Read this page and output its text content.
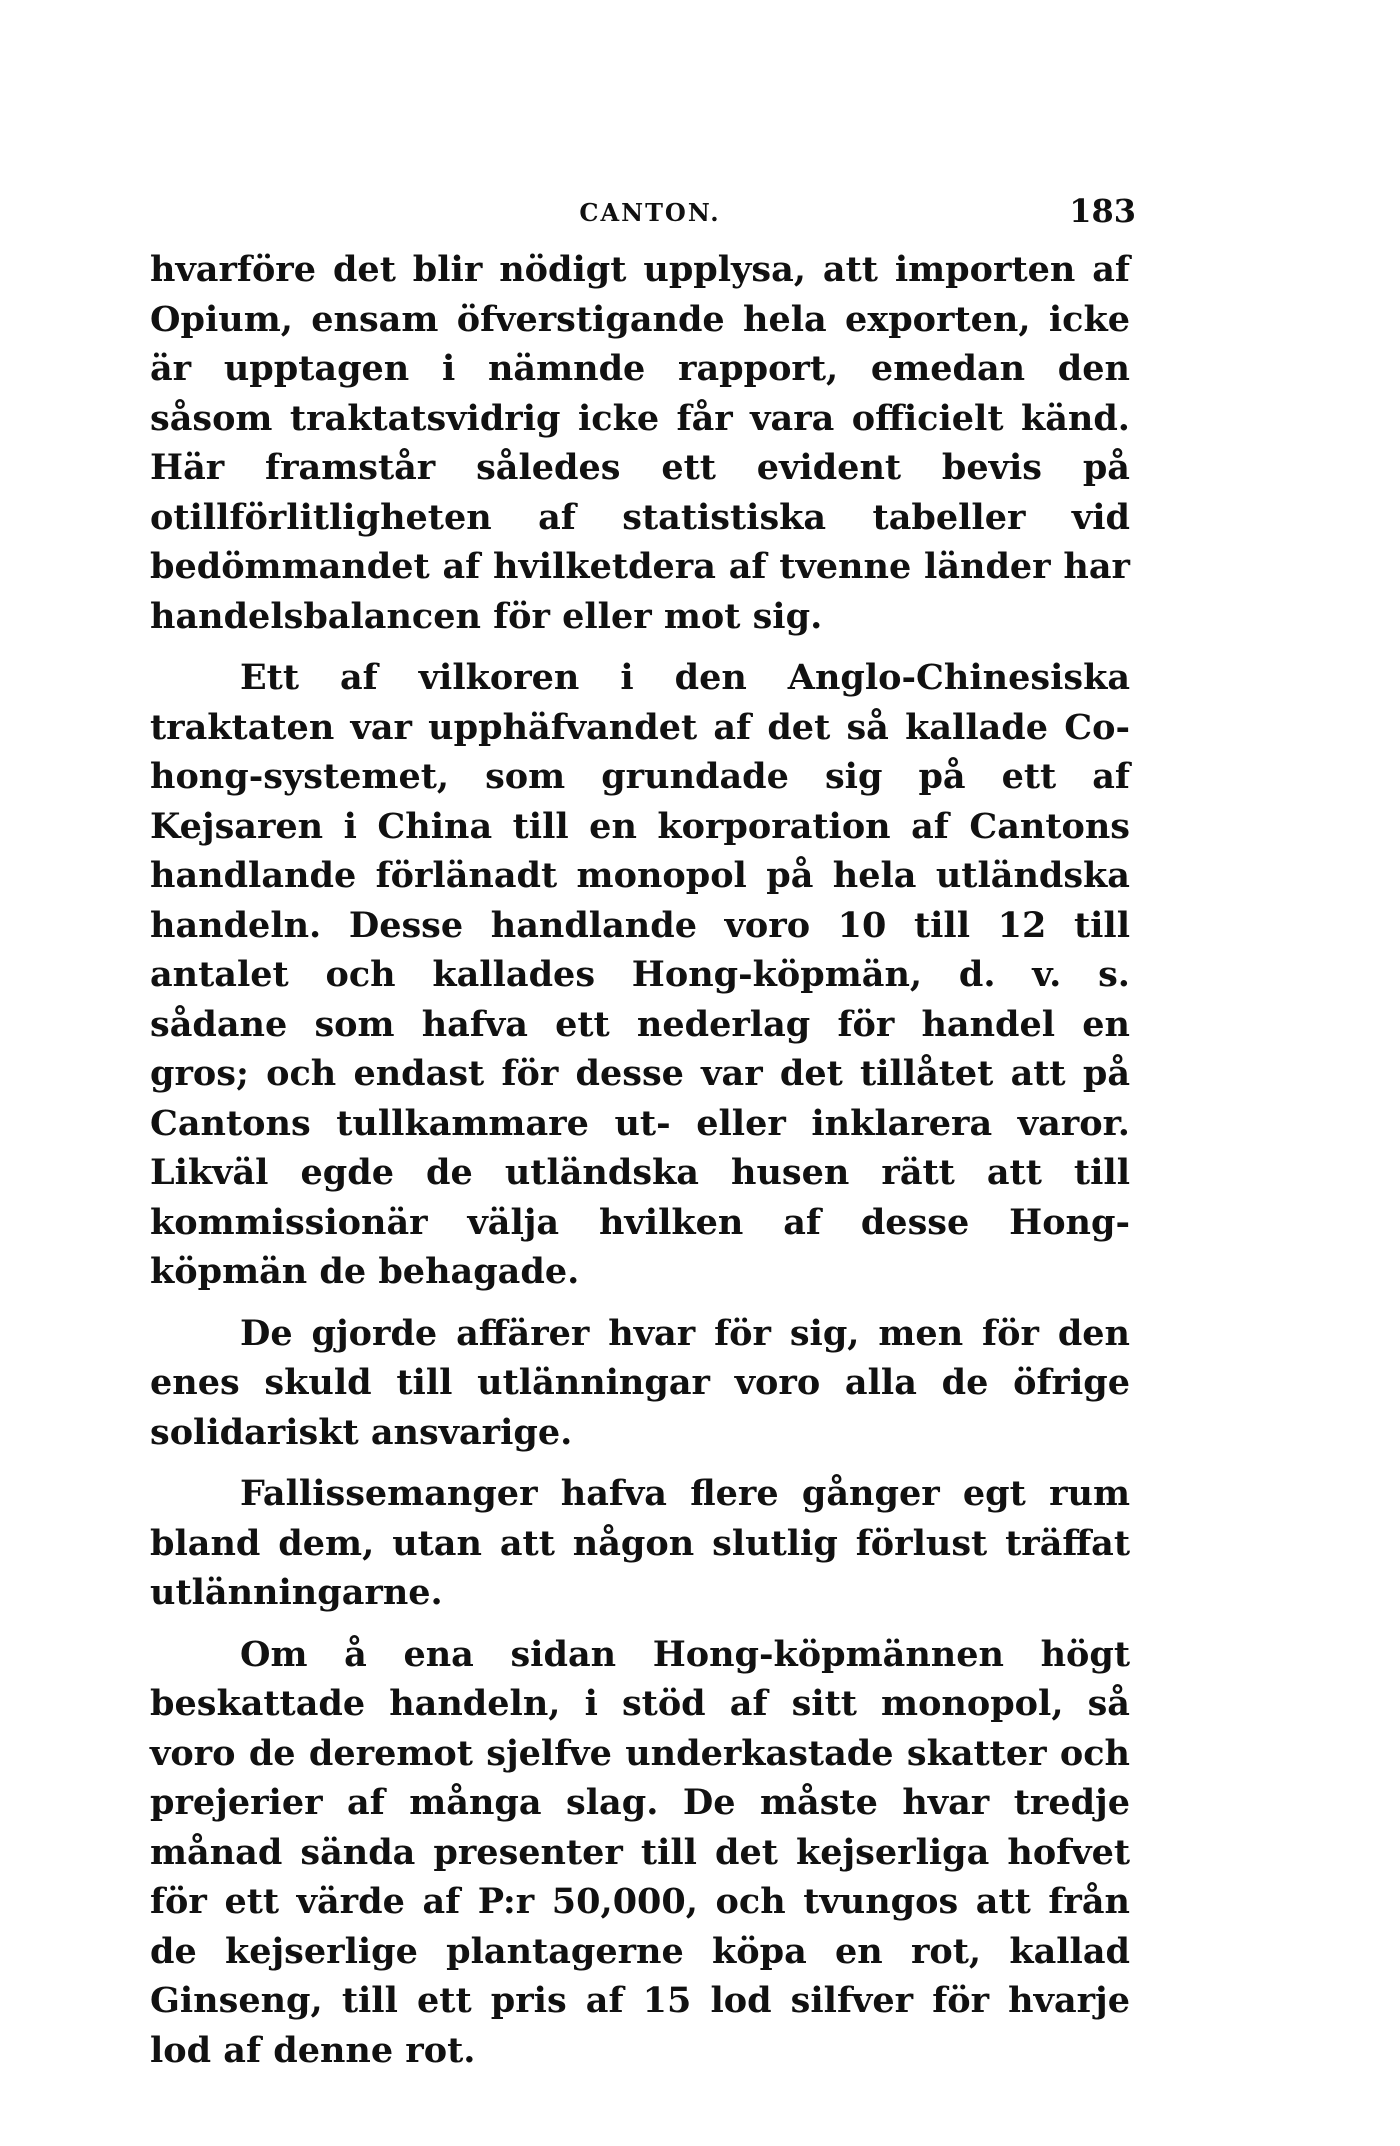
CANTON.	183

hvarföre det blir nödigt upplysa, att importen af Opium, ensam öfverstigande hela exporten, icke är upptagen i nämnde rapport, emedan den såsom traktatsvidrig icke får vara officielt känd. Här framstår således ett evident bevis på otillförlitligheten af statistiska tabeller vid bedömmandet af hvilketdera af tvenne länder har handelsbalancen för eller mot sig.

Ett af vilkoren i den Anglo-Chinesiska traktaten var upphäfvandet af det så kallade Co-hong-systemet, som grundade sig på ett af Kejsaren i China till en korporation af Cantons handlande förlänadt monopol på hela utländska handeln. Desse handlande voro 10 till 12 till antalet och kallades Hong-köpmän, d. v. s. sådane som hafva ett nederlag för handel en gros; och endast för desse var det tillåtet att på Cantons tullkammare ut- eller inklarera varor. Likväl egde de utländska husen rätt att till kommissionär välja hvilken af desse Hong-köpmän de behagade.

De gjorde affärer hvar för sig, men för den enes skuld till utlänningar voro alla de öfrige solidariskt ansvarige.

Fallissemanger hafva flere gånger egt rum bland dem, utan att någon slutlig förlust träffat utlänningarne.

Om å ena sidan Hong-köpmännen högt beskattade handeln, i stöd af sitt monopol, så voro de deremot sjelfve underkastade skatter och prejerier af många slag. De måste hvar tredje månad sända presenter till det kejserliga hofvet för ett värde af P:r 50,000, och tvungos att från de kejserlige plantagerne köpa en rot, kallad Ginseng, till ett pris af 15 lod silfver för hvarje lod af denne rot.
